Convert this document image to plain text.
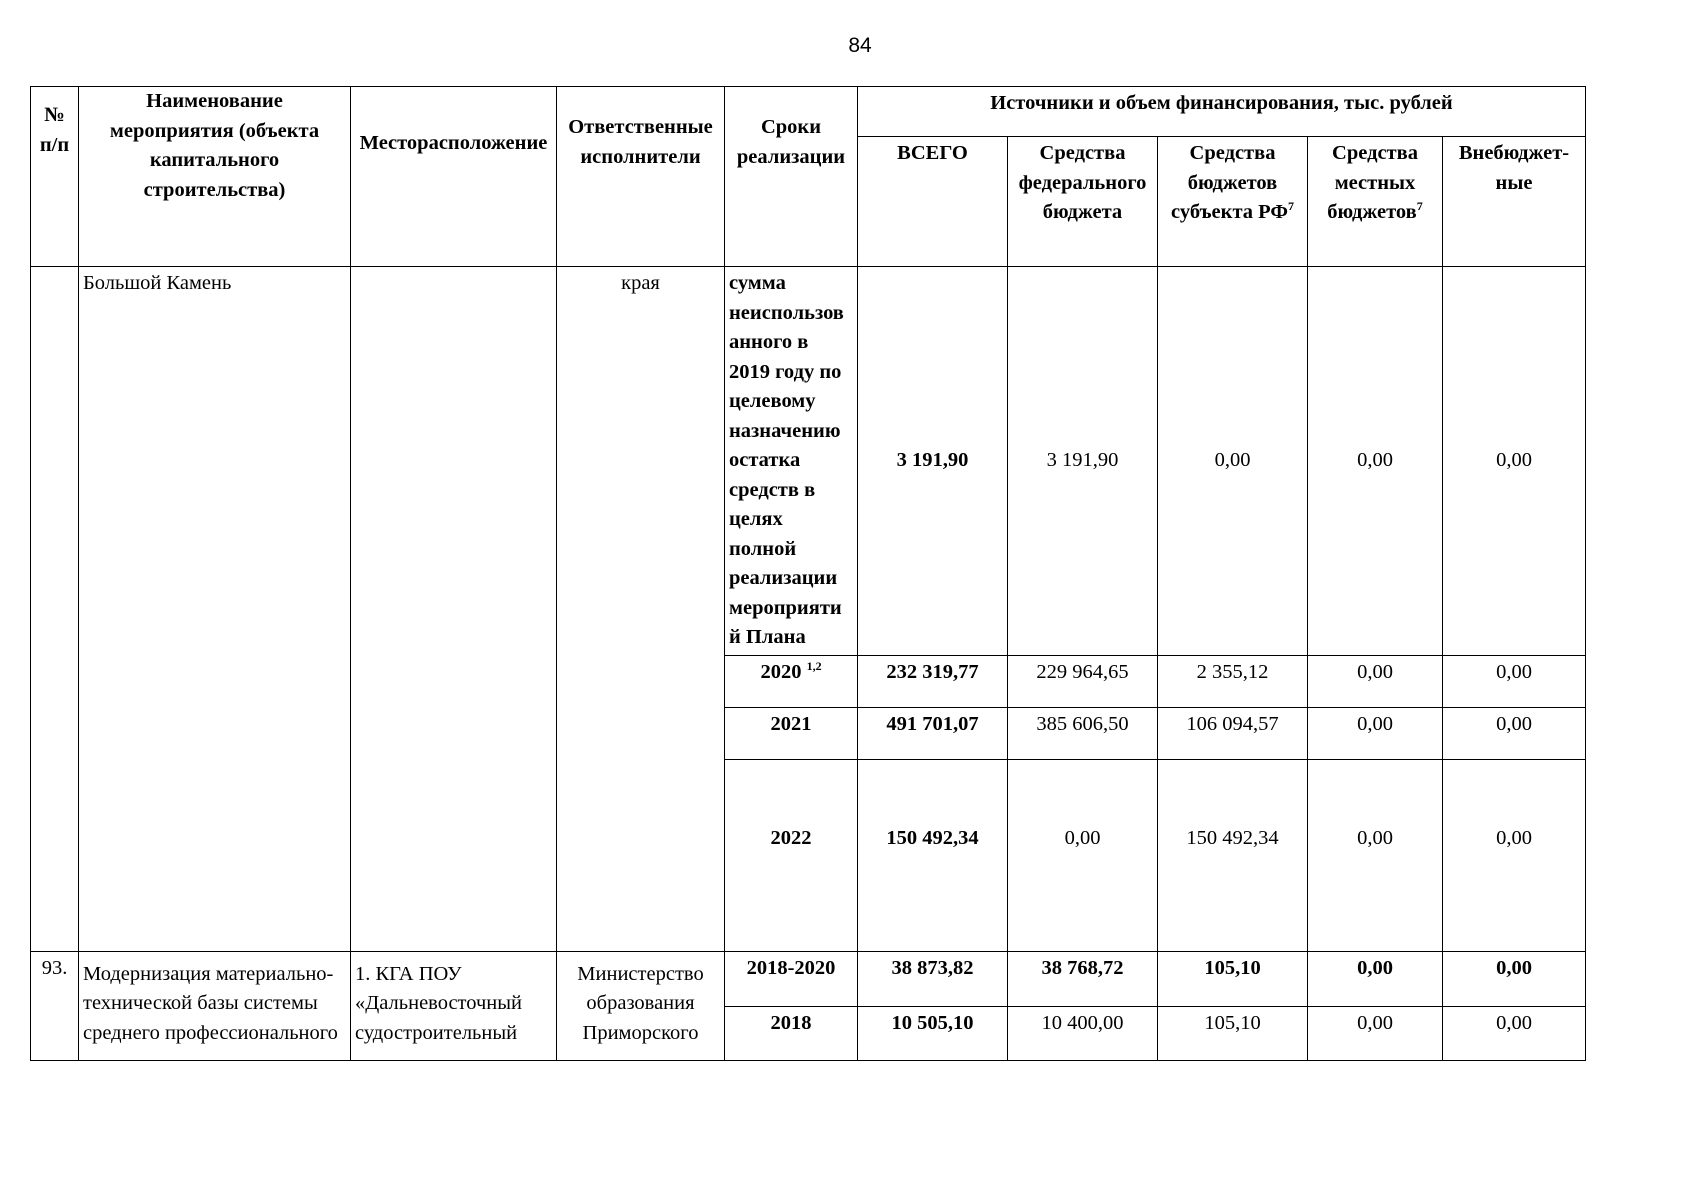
84
№ п/п	Наименование мероприятия (объекта капитального строительства)	Месторасположение	Ответственные исполнители	Сроки реализации	Источники и объем финансирования, тыс. рублей				
					ВСЕГО	Средства федерального бюджета	Средства бюджетов субъекта $РФ^7$	Средства местных бюджетов$^7$	Внебюджет-ные
	Большой Камень		края	сумма неиспользов анного в 2019 году по целевому назначению остатка средств в целях полной реализации мероприяти й Плана	3 191,90	3 191,90	0,00	0,00	0,00
				2020 $^{1,2}$	232 319,77	229 964,65	2 355,12	0,00	0,00
				2021	491 701,07	385 606,50	106 094,57	0,00	0,00
				2022	150 492,34	0,00	150 492,34	0,00	0,00
93.	Модернизация материально-технической базы системы среднего профессионального	1. КГА ПОУ «Дальневосточный судостроительный	Министерство образования Приморского	2018-2020	38 873,82	38 768,72	105,10	0,00	0,00
				2018	10 505,10	10 400,00	105,10	0,00	0,00
